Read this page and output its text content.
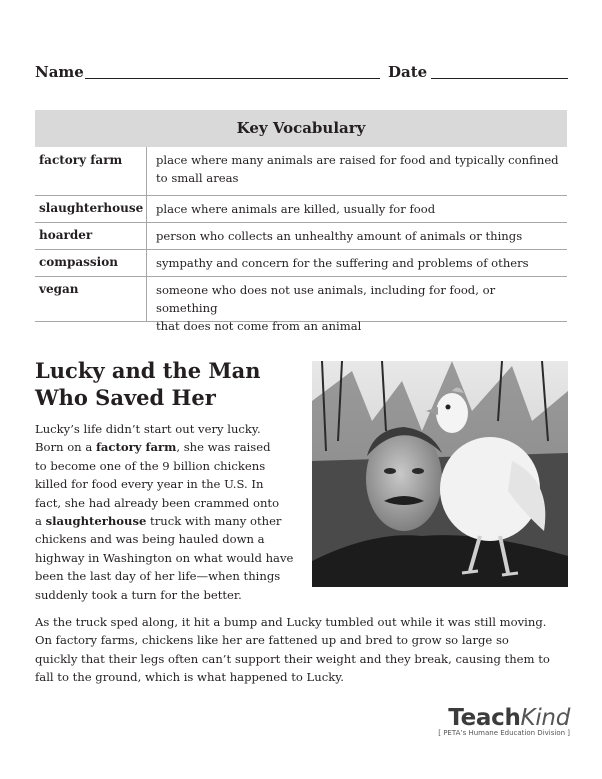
Name	Date
Key Vocabulary
factory farm	place where many animals are raised for food and typically confined
to small areas
slaughterhouse	place where animals are killed, usually for food
hoarder	person who collects an unhealthy amount of animals or things
compassion	sympathy and concern for the suffering and problems of others
vegan	someone who does not use animals, including for food, or something
that does not come from an animal
Lucky and the Man
Who Saved Her
Lucky’s life didn’t start out very lucky.
Born on a factory farm, she was raised
to become one of the 9 billion chickens
killed for food every year in the U.S. In
fact, she had already been crammed onto
a slaughterhouse truck with many other
chickens and was being hauled down a
highway in Washington on what would have
been the last day of her life—when things
suddenly took a turn for the better.
As the truck sped along, it hit a bump and Lucky tumbled out while it was still moving.
On factory farms, chickens like her are fattened up and bred to grow so large so
quickly that their legs often can’t support their weight and they break, causing them to
fall to the ground, which is what happened to Lucky.
TeachKind
[ PETA’s Humane Education Division ]
